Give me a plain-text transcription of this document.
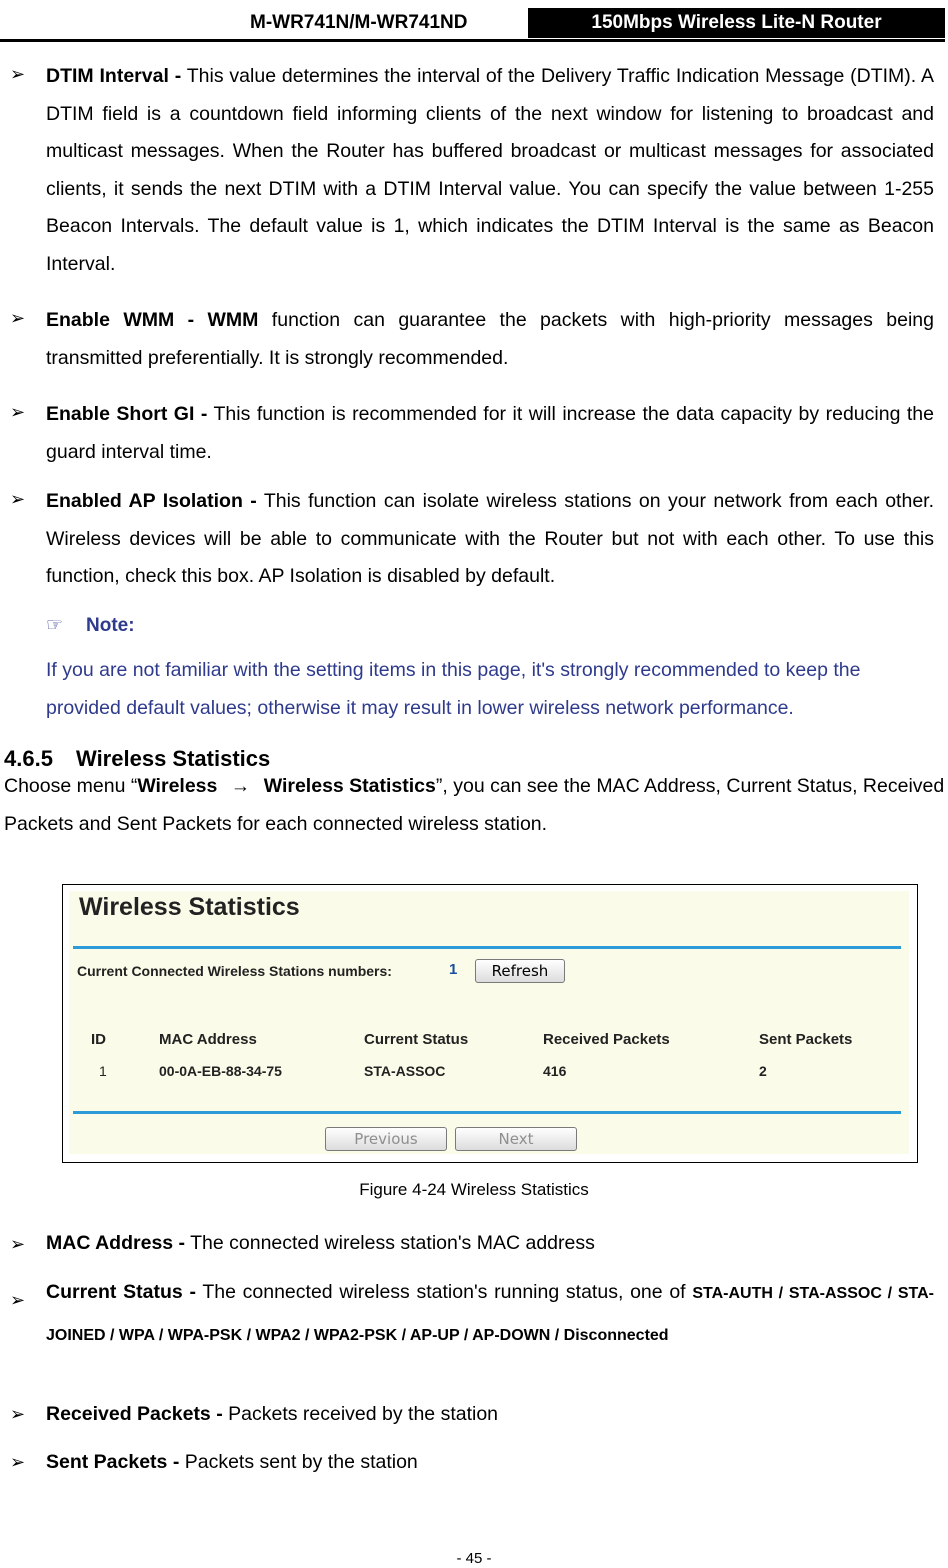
M-WR741N/M-WR741ND	150Mbps Wireless Lite-N Router
➢ DTIM Interval - This value determines the interval of the Delivery Traffic Indication Message (DTIM). A DTIM field is a countdown field informing clients of the next window for listening to broadcast and multicast messages. When the Router has buffered broadcast or multicast messages for associated clients, it sends the next DTIM with a DTIM Interval value. You can specify the value between 1-255 Beacon Intervals. The default value is 1, which indicates the DTIM Interval is the same as Beacon Interval.

➢ Enable WMM - WMM function can guarantee the packets with high-priority messages being transmitted preferentially. It is strongly recommended.

➢ Enable Short GI - This function is recommended for it will increase the data capacity by reducing the guard interval time.

➢ Enabled AP Isolation - This function can isolate wireless stations on your network from each other. Wireless devices will be able to communicate with the Router but not with each other. To use this function, check this box. AP Isolation is disabled by default.

☞ Note:

If you are not familiar with the setting items in this page, it's strongly recommended to keep the provided default values; otherwise it may result in lower wireless network performance.

4.6.5 Wireless Statistics

Choose menu “Wireless → Wireless Statistics”, you can see the MAC Address, Current Status, Received Packets and Sent Packets for each connected wireless station.

Wireless Statistics
Current Connected Wireless Stations numbers:	1	Refresh
ID	MAC Address	Current Status	Received Packets	Sent Packets
1	00-0A-EB-88-34-75	STA-ASSOC	416	2
Previous	Next
Figure 4-24 Wireless Statistics
➢ MAC Address - The connected wireless station's MAC address

➢ Current Status - The connected wireless station's running status, one of STA-AUTH / STA-ASSOC / STA-JOINED / WPA / WPA-PSK / WPA2 / WPA2-PSK / AP-UP / AP-DOWN / Disconnected

➢ Received Packets - Packets received by the station

➢ Sent Packets - Packets sent by the station

- 45 -
